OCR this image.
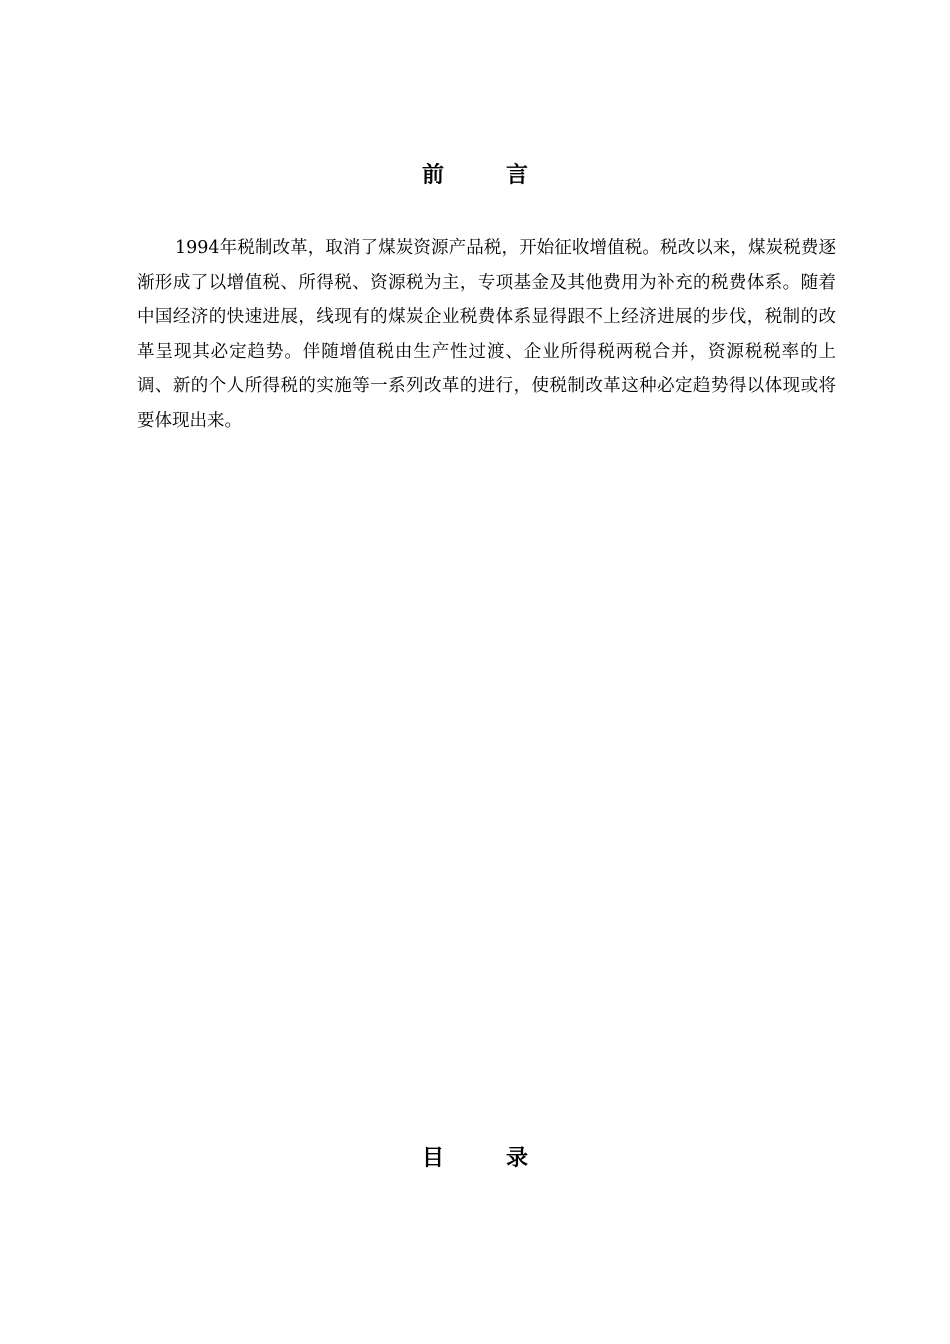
前　言

1994年税制改革，取消了煤炭资源产品税，开始征收增值税。税改以来，煤炭税费逐渐形成了以增值税、所得税、资源税为主，专项基金及其他费用为补充的税费体系。随着中国经济的快速进展，线现有的煤炭企业税费体系显得跟不上经济进展的步伐，税制的改革呈现其必定趋势。伴随增值税由生产性过渡、企业所得税两税合并，资源税税率的上调、新的个人所得税的实施等一系列改革的进行，使税制改革这种必定趋势得以体现或将要体现出来。

目　录
